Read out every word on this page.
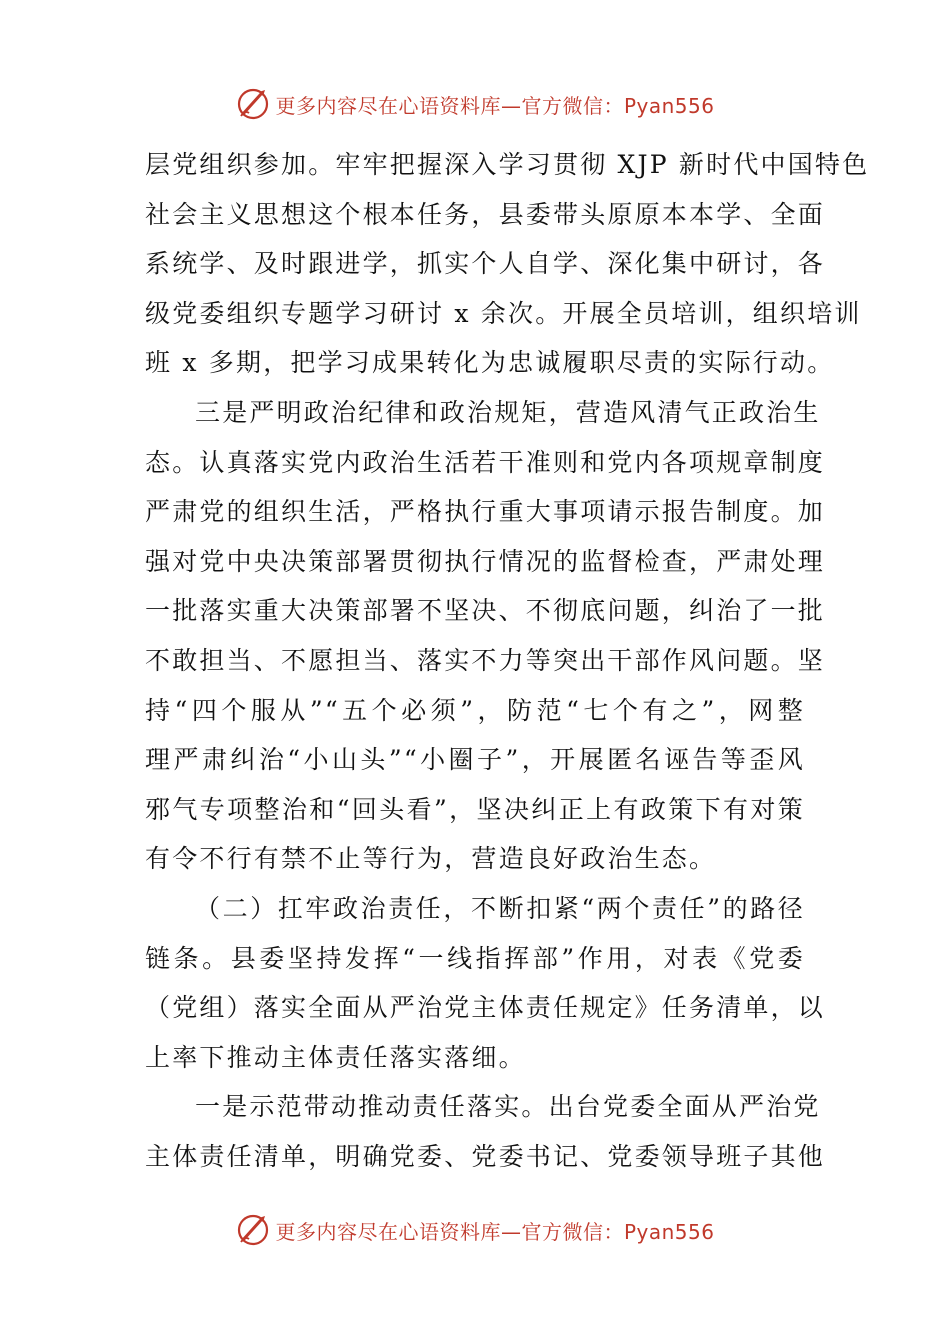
更多内容尽在心语资料库—官方微信：Pyan556
层党组织参加。牢牢把握深入学习贯彻 XJP 新时代中国特色
社会主义思想这个根本任务，县委带头原原本本学、全面
系统学、及时跟进学，抓实个人自学、深化集中研讨，各
级党委组织专题学习研讨 x 余次。开展全员培训，组织培训
班 x 多期，把学习成果转化为忠诚履职尽责的实际行动。
三是严明政治纪律和政治规矩，营造风清气正政治生
态。认真落实党内政治生活若干准则和党内各项规章制度
严肃党的组织生活，严格执行重大事项请示报告制度。加
强对党中央决策部署贯彻执行情况的监督检查，严肃处理
一批落实重大决策部署不坚决、不彻底问题，纠治了一批
不敢担当、不愿担当、落实不力等突出干部作风问题。坚
持“四个服从”“五个必须”，防范“七个有之”，网整
理严肃纠治“小山头”“小圈子”，开展匿名诬告等歪风
邪气专项整治和“回头看”，坚决纠正上有政策下有对策
有令不行有禁不止等行为，营造良好政治生态。
（二）扛牢政治责任，不断扣紧“两个责任”的路径
链条。县委坚持发挥“一线指挥部”作用，对表《党委
（党组）落实全面从严治党主体责任规定》任务清单，以
上率下推动主体责任落实落细。
一是示范带动推动责任落实。出台党委全面从严治党
主体责任清单，明确党委、党委书记、党委领导班子其他
更多内容尽在心语资料库—官方微信：Pyan556
